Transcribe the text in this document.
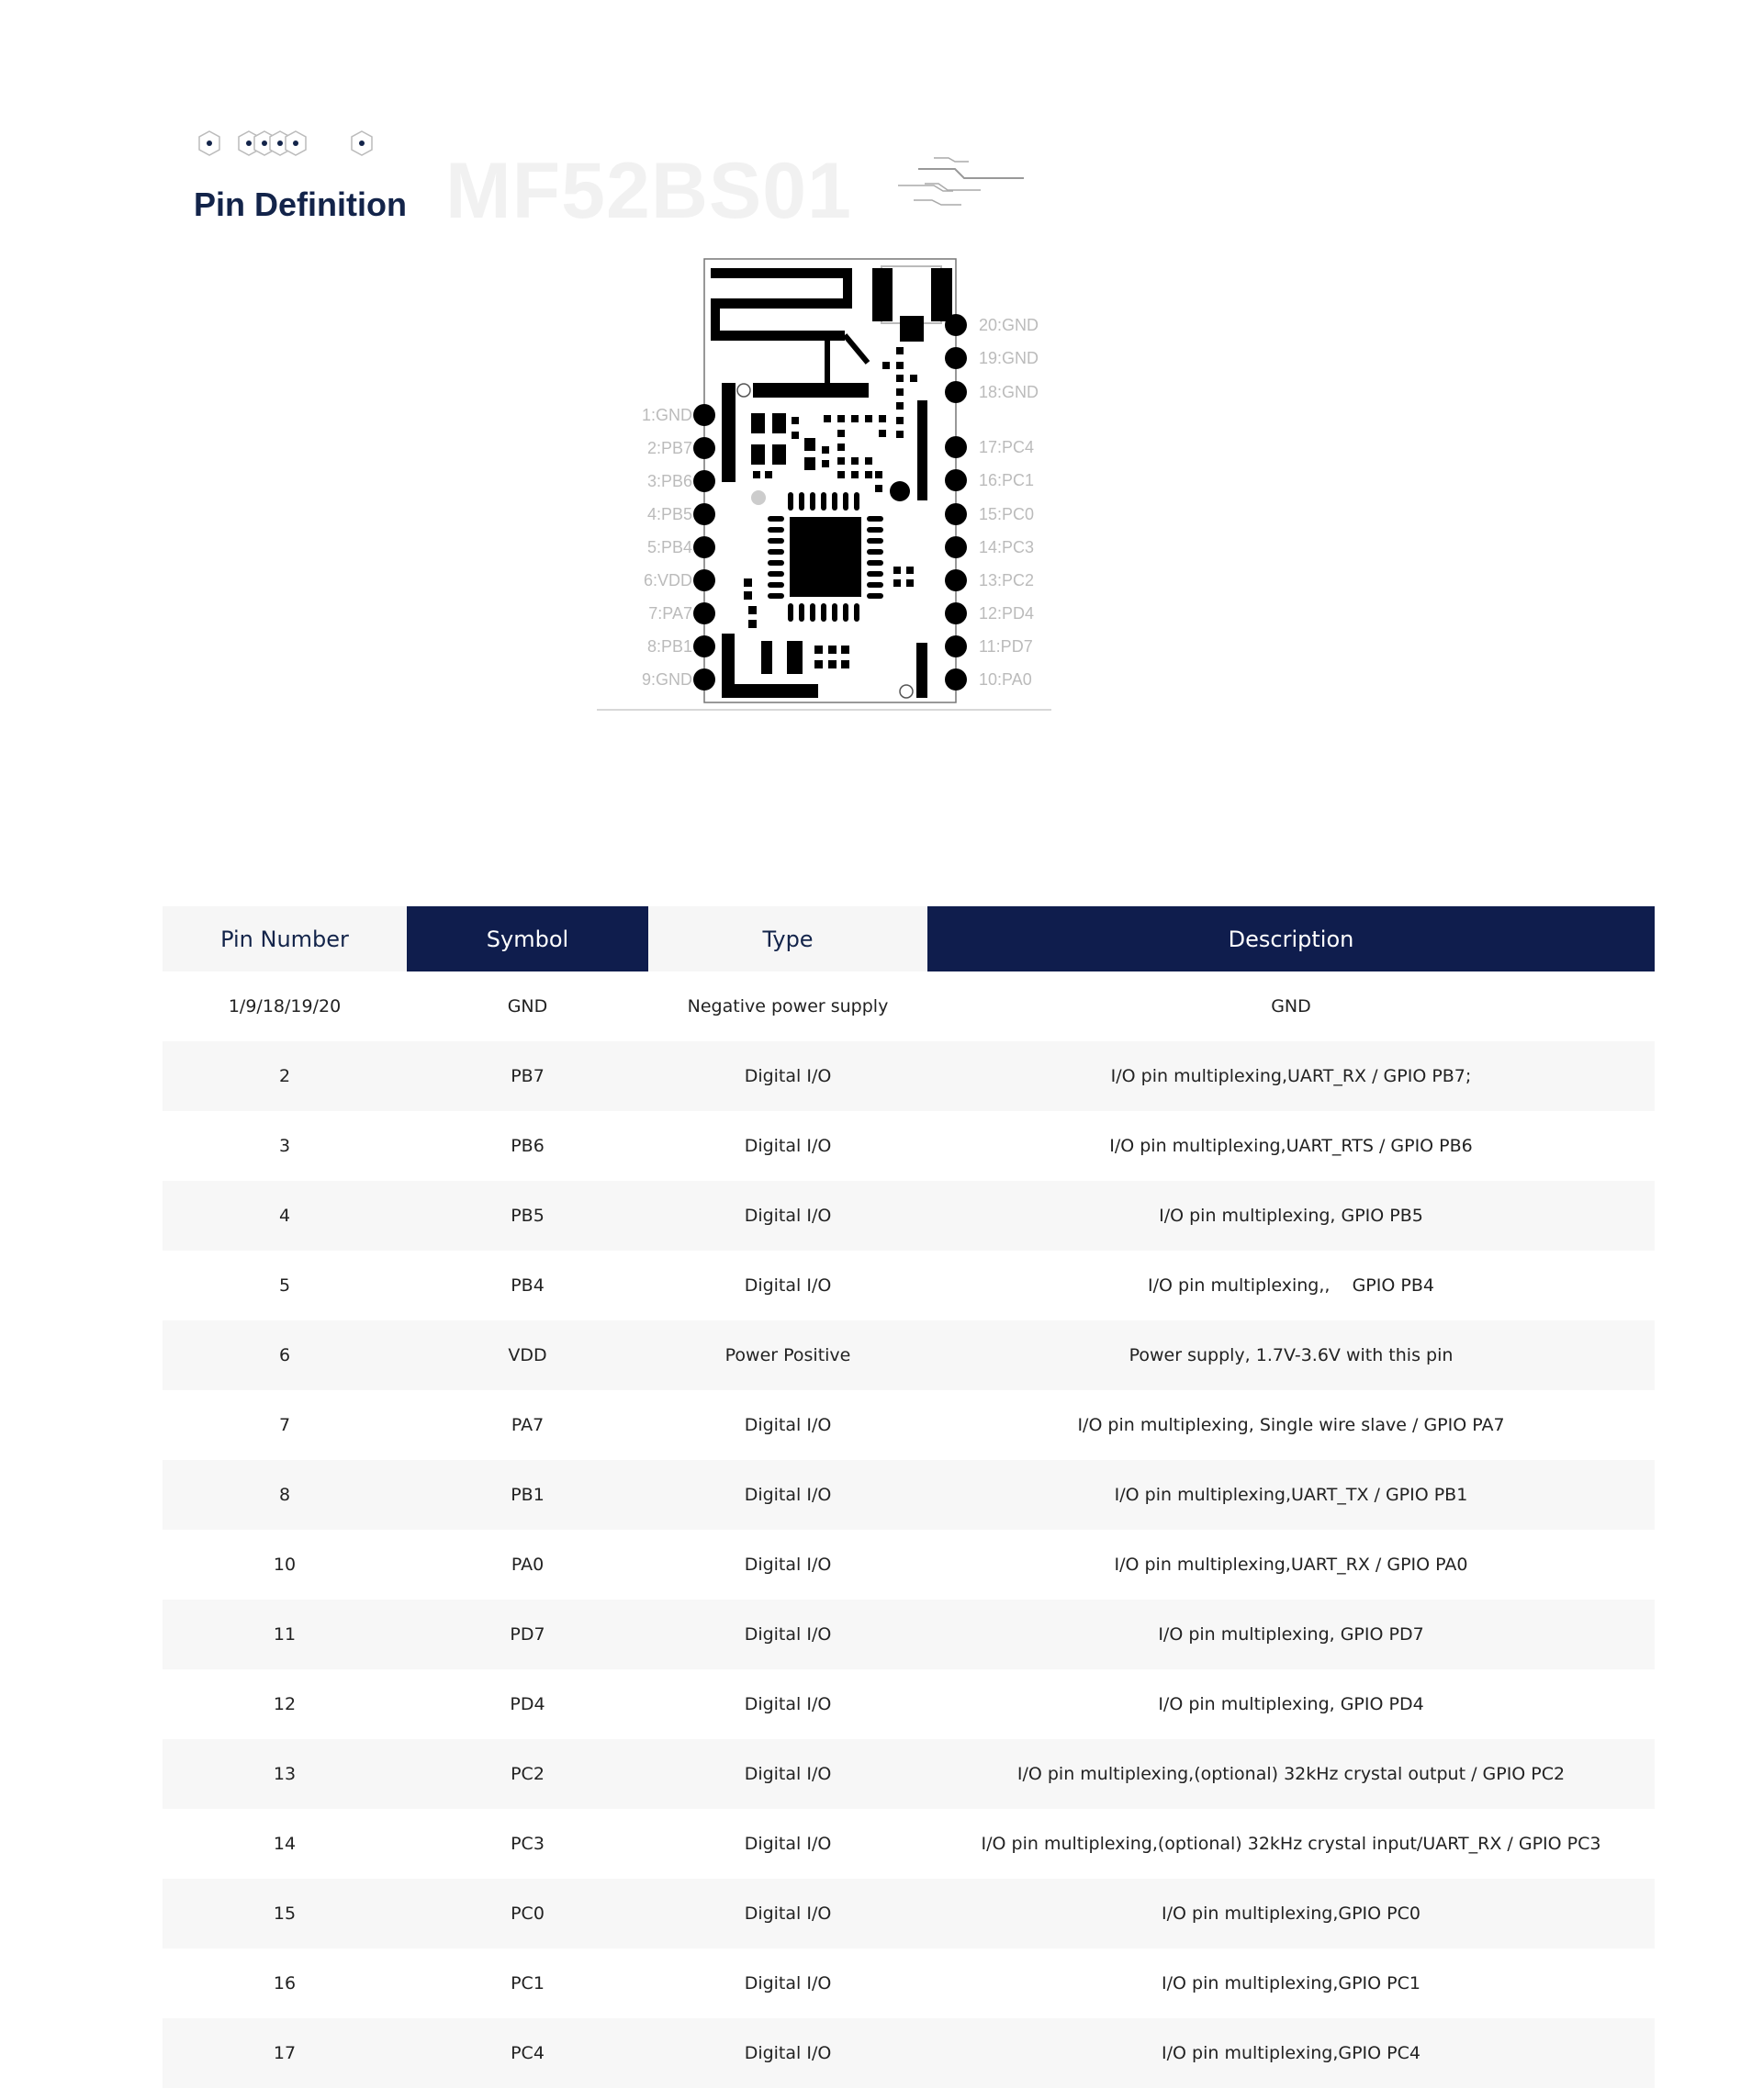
MF52BS01
Pin Definition
1:GND
2:PB7
3:PB6
4:PB5
5:PB4
6:VDD
7:PA7
8:PB1
9:GND
20:GND
19:GND
18:GND
17:PC4
16:PC1
15:PC0
14:PC3
13:PC2
12:PD4
11:PD7
10:PA0
Pin Number	Symbol	Type	Description
1/9/18/19/20	GND	Negative power supply	GND
2	PB7	Digital I/O	I/O pin multiplexing,UART_RX / GPIO PB7;
3	PB6	Digital I/O	I/O pin multiplexing,UART_RTS / GPIO PB6
4	PB5	Digital I/O	I/O pin multiplexing, GPIO PB5
5	PB4	Digital I/O	I/O pin multiplexing,,    GPIO PB4
6	VDD	Power Positive	Power supply, 1.7V-3.6V with this pin
7	PA7	Digital I/O	I/O pin multiplexing, Single wire slave / GPIO PA7
8	PB1	Digital I/O	I/O pin multiplexing,UART_TX / GPIO PB1
10	PA0	Digital I/O	I/O pin multiplexing,UART_RX / GPIO PA0
11	PD7	Digital I/O	I/O pin multiplexing, GPIO PD7
12	PD4	Digital I/O	I/O pin multiplexing, GPIO PD4
13	PC2	Digital I/O	I/O pin multiplexing,(optional) 32kHz crystal output / GPIO PC2
14	PC3	Digital I/O	I/O pin multiplexing,(optional) 32kHz crystal input/UART_RX / GPIO PC3
15	PC0	Digital I/O	I/O pin multiplexing,GPIO PC0
16	PC1	Digital I/O	I/O pin multiplexing,GPIO PC1
17	PC4	Digital I/O	I/O pin multiplexing,GPIO PC4
